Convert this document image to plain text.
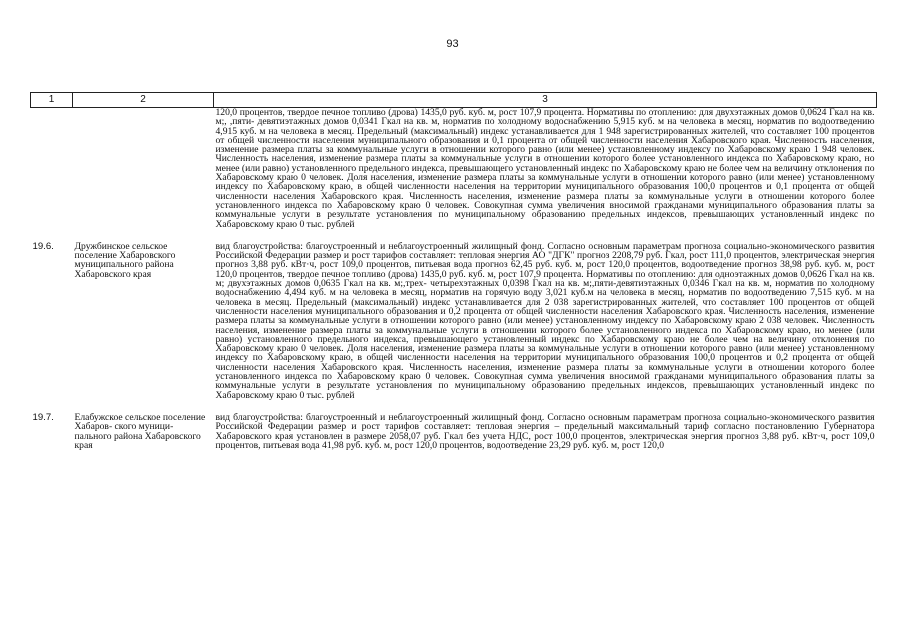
93
1	2	3
		120,0 процентов, твердое печное топливо (дрова) 1435,0 руб. куб. м, рост 107,9 процента. Нормативы по отоплению: для двухэтажных домов 0,0624 Гкал на кв. м;, ,пяти- девятиэтажных домов 0,0341 Гкал на кв. м, норматив по холодному водоснабжению 5,915 куб. м на человека в месяц, норматив по водоотведению 4,915 куб. м на человека в месяц. Предельный (максимальный) индекс устанавливается для 1 948 зарегистрированных жителей, что составляет 100 процентов от общей численности населения муниципального образования и 0,1 процента от общей численности населения Хабаровского края. Численность населения, изменение размера платы за коммунальные услуги в отношении которого равно (или менее) установленному индексу по Хабаровскому краю 1 948 человек. Численность населения, изменение размера платы за коммунальные услуги в отношении которого более установленного индекса по Хабаровскому краю, но менее (или равно) установленного предельного индекса, превышающего установленный индекс по Хабаровскому краю не более чем на величину отклонения по Хабаровскому краю 0 человек. Доля населения, изменение размера платы за коммунальные услуги в отношении которого равно (или менее) установленному индексу по Хабаровскому краю, в общей численности населения на территории муниципального образования 100,0 процентов и 0,1 процента от общей численности населения Хабаровского края. Численность населения, изменение размера платы за коммунальные услуги в отношении которого более установленного индекса по Хабаровскому краю 0 человек. Совокупная сумма увеличения вносимой гражданами муниципального образования платы за коммунальные услуги в результате установления по муниципальному образованию предельных индексов, превышающих установленный индекс по Хабаровскому краю 0 тыс. рублей
19.6.	Дружбинское сельское поселение Хабаровского муниципального района Хабаровского края	вид благоустройства: благоустроенный и неблагоустроенный жилищный фонд. Согласно основным параметрам прогноза социально-экономического развития Российской Федерации размер и рост тарифов составляет: тепловая энергия АО "ДГК" прогноз 2208,79 руб. Гкал, рост 111,0 процентов, электрическая энергия прогноз 3,88 руб. кВт·ч, рост 109,0 процентов, питьевая вода прогноз 62,45 руб. куб. м, рост 120,0 процентов, водоотведение прогноз 38,98 руб. куб. м, рост 120,0 процентов, твердое печное топливо (дрова) 1435,0 руб. куб. м, рост 107,9 процента. Нормативы по отоплению: для одноэтажных домов 0,0626 Гкал на кв. м; двухэтажных домов 0,0635 Гкал на кв. м;,трех- четырехэтажных 0,0398 Гкал на кв. м;,пяти-девятиэтажных 0,0346 Гкал на кв. м, норматив по холодному водоснабжению 4,494 куб. м на человека в месяц, норматив на горячую воду 3,021 куб.м на человека в месяц, норматив по водоотведению 7,515 куб. м на человека в месяц. Предельный (максимальный) индекс устанавливается для 2 038 зарегистрированных жителей, что составляет 100 процентов от общей численности населения муниципального образования и 0,2 процента от общей численности населения Хабаровского края. Численность населения, изменение размера платы за коммунальные услуги в отношении которого равно (или менее) установленному индексу по Хабаровскому краю 2 038 человек. Численность населения, изменение размера платы за коммунальные услуги в отношении которого более установленного индекса по Хабаровскому краю, но менее (или равно) установленного предельного индекса, превышающего установленный индекс по Хабаровскому краю не более чем на величину отклонения по Хабаровскому краю 0 человек. Доля населения, изменение размера платы за коммунальные услуги в отношении которого равно (или менее) установленному индексу по Хабаровскому краю, в общей численности населения на территории муниципального образования 100,0 процентов и 0,2 процента от общей численности населения Хабаровского края. Численность населения, изменение размера платы за коммунальные услуги в отношении которого более установленного индекса по Хабаровскому краю 0 человек. Совокупная сумма увеличения вносимой гражданами муниципального образования платы за коммунальные услуги в результате установления по муниципальному образованию предельных индексов, превышающих установленный индекс по Хабаровскому краю 0 тыс. рублей
19.7.	Елабужское сельское поселение Хабаров- ского муници- пального района Хабаровского края	вид благоустройства: благоустроенный и неблагоустроенный жилищный фонд. Согласно основным параметрам прогноза социально-экономического развития Российской Федерации размер и рост тарифов составляет: тепловая энергия – предельный максимальный тариф согласно постановлению Губернатора Хабаровского края установлен в размере 2058,07 руб. Гкал без учета НДС, рост 100,0 процентов, электрическая энергия прогноз 3,88 руб. кВт·ч, рост 109,0 процентов, питьевая вода 41,98 руб. куб. м, рост 120,0 процентов, водоотведение 23,29 руб. куб. м, рост 120,0
